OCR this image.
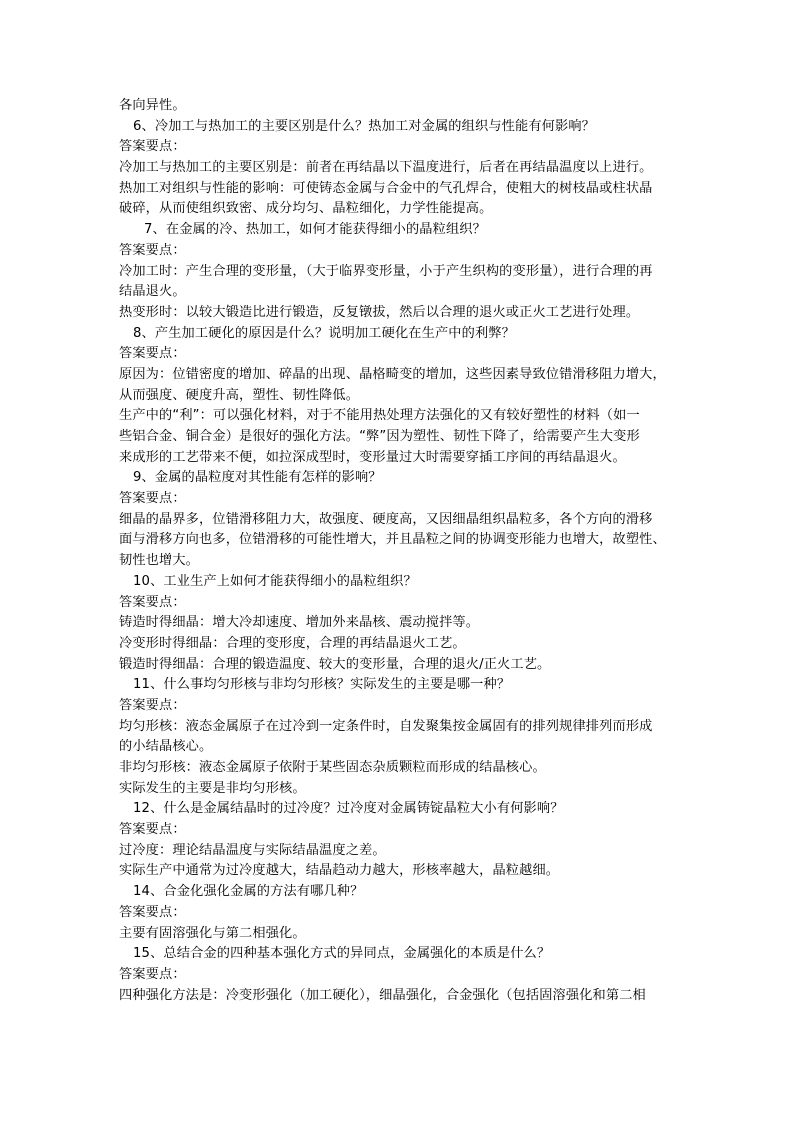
各向异性。
6、冷加工与热加工的主要区别是什么？热加工对金属的组织与性能有何影响？
答案要点：
冷加工与热加工的主要区别是：前者在再结晶以下温度进行，后者在再结晶温度以上进行。
热加工对组织与性能的影响：可使铸态金属与合金中的气孔焊合，使粗大的树枝晶或柱状晶
破碎，从而使组织致密、成分均匀、晶粒细化，力学性能提高。
7、在金属的冷、热加工，如何才能获得细小的晶粒组织？
答案要点：
冷加工时：产生合理的变形量，（大于临界变形量，小于产生织构的变形量），进行合理的再
结晶退火。
热变形时：以较大锻造比进行锻造，反复镦拔，然后以合理的退火或正火工艺进行处理。
8、产生加工硬化的原因是什么？说明加工硬化在生产中的利弊？
答案要点：
原因为：位错密度的增加、碎晶的出现、晶格畸变的增加，这些因素导致位错滑移阻力增大，
从而强度、硬度升高，塑性、韧性降低。
生产中的“利”：可以强化材料，对于不能用热处理方法强化的又有较好塑性的材料（如一
些铝合金、铜合金）是很好的强化方法。“弊”因为塑性、韧性下降了，给需要产生大变形
来成形的工艺带来不便，如拉深成型时，变形量过大时需要穿插工序间的再结晶退火。
9、金属的晶粒度对其性能有怎样的影响？
答案要点：
细晶的晶界多，位错滑移阻力大，故强度、硬度高，又因细晶组织晶粒多，各个方向的滑移
面与滑移方向也多，位错滑移的可能性增大，并且晶粒之间的协调变形能力也增大，故塑性、
韧性也增大。
10、工业生产上如何才能获得细小的晶粒组织？
答案要点：
铸造时得细晶：增大冷却速度、增加外来晶核、震动搅拌等。
冷变形时得细晶：合理的变形度，合理的再结晶退火工艺。
锻造时得细晶：合理的锻造温度、较大的变形量，合理的退火/正火工艺。
11、什么事均匀形核与非均匀形核？实际发生的主要是哪一种？
答案要点：
均匀形核：液态金属原子在过冷到一定条件时，自发聚集按金属固有的排列规律排列而形成
的小结晶核心。
非均匀形核：液态金属原子依附于某些固态杂质颗粒而形成的结晶核心。
实际发生的主要是非均匀形核。
12、什么是金属结晶时的过冷度？过冷度对金属铸锭晶粒大小有何影响？
答案要点：
过冷度：理论结晶温度与实际结晶温度之差。
实际生产中通常为过冷度越大，结晶趋动力越大，形核率越大，晶粒越细。
14、合金化强化金属的方法有哪几种？
答案要点：
主要有固溶强化与第二相强化。
15、总结合金的四种基本强化方式的异同点，金属强化的本质是什么？
答案要点：
四种强化方法是：冷变形强化（加工硬化），细晶强化，合金强化（包括固溶强化和第二相
